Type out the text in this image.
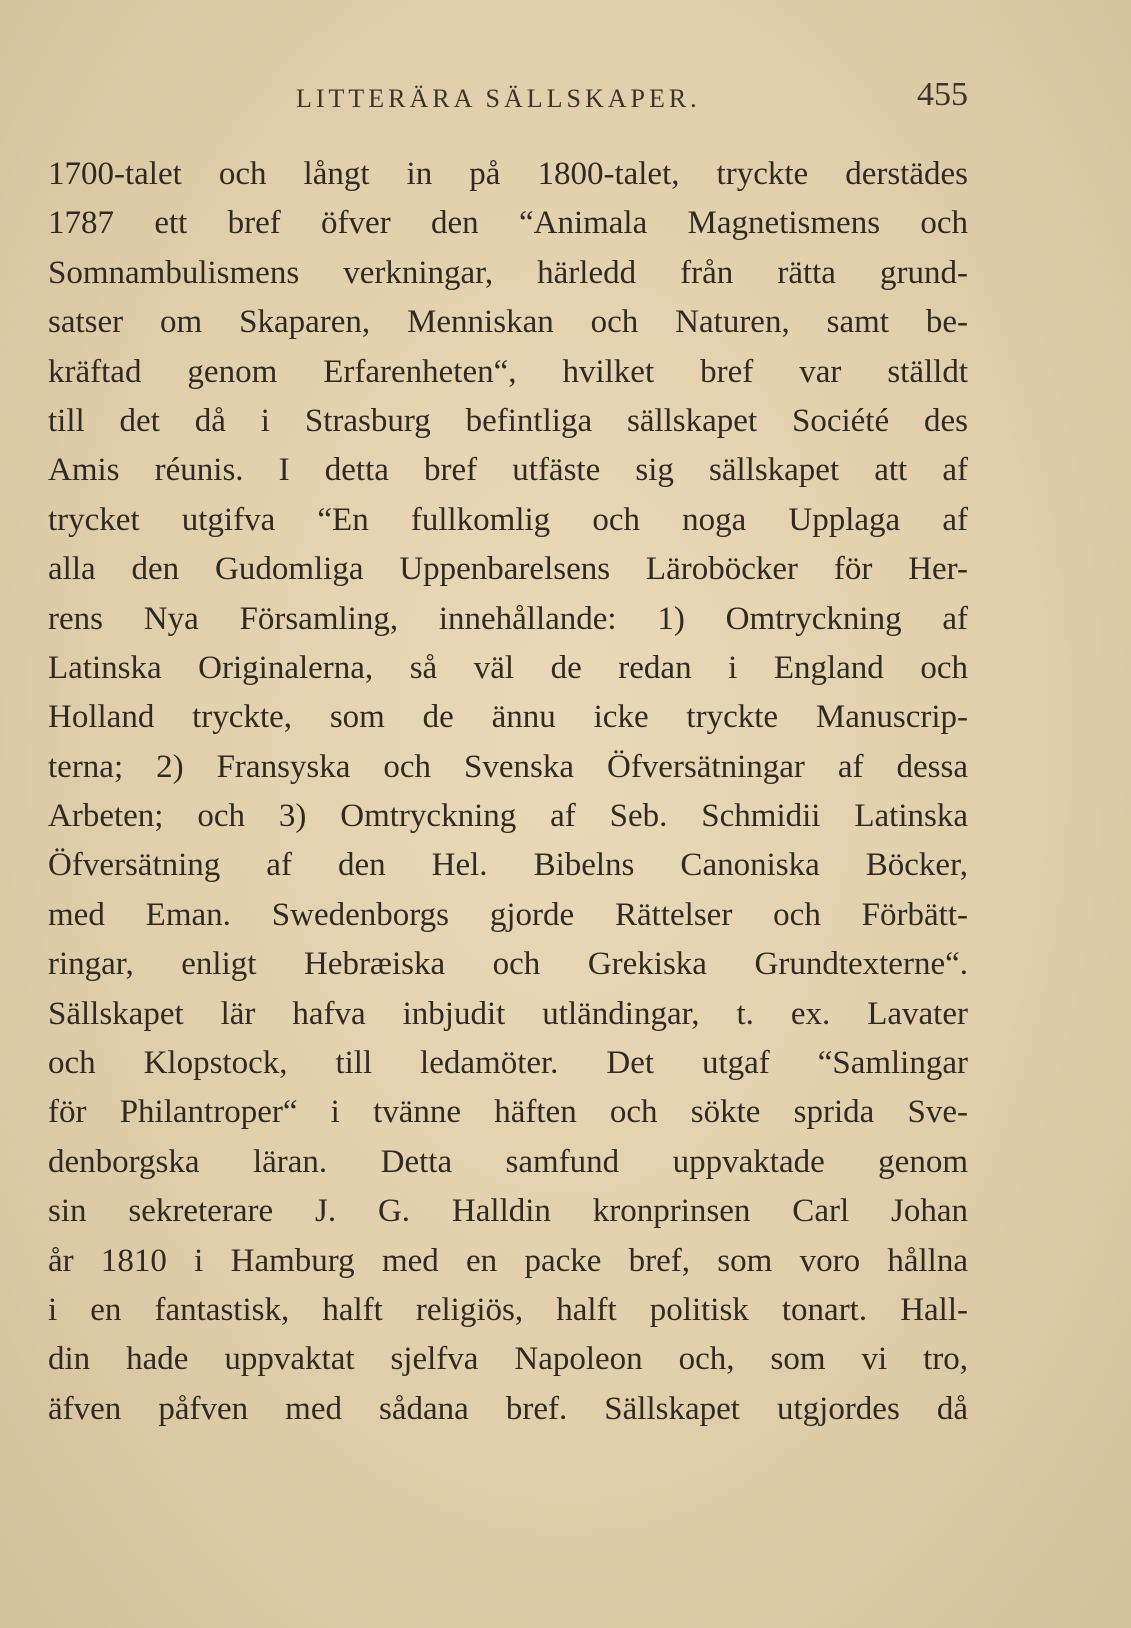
LITTERÄRA SÄLLSKAPER.	455
1700-talet och långt in på 1800-talet, tryckte derstädes
1787 ett bref öfver den “Animala Magnetismens och
Somnambulismens verkningar, härledd från rätta grund-
satser om Skaparen, Menniskan och Naturen, samt be-
kräftad genom Erfarenheten“, hvilket bref var ställdt
till det då i Strasburg befintliga sällskapet Société des
Amis réunis. I detta bref utfäste sig sällskapet att af
trycket utgifva “En fullkomlig och noga Upplaga af
alla den Gudomliga Uppenbarelsens Läroböcker för Her-
rens Nya Församling, innehållande: 1) Omtryckning af
Latinska Originalerna, så väl de redan i England och
Holland tryckte, som de ännu icke tryckte Manuscrip-
terna; 2) Fransyska och Svenska Öfversätningar af dessa
Arbeten; och 3) Omtryckning af Seb. Schmidii Latinska
Öfversätning af den Hel. Bibelns Canoniska Böcker,
med Eman. Swedenborgs gjorde Rättelser och Förbätt-
ringar, enligt Hebræiska och Grekiska Grundtexterne“.
Sällskapet lär hafva inbjudit utländingar, t. ex. Lavater
och Klopstock, till ledamöter. Det utgaf “Samlingar
för Philantroper“ i tvänne häften och sökte sprida Sve-
denborgska läran. Detta samfund uppvaktade genom
sin sekreterare J. G. Halldin kronprinsen Carl Johan
år 1810 i Hamburg med en packe bref, som voro hållna
i en fantastisk, halft religiös, halft politisk tonart. Hall-
din hade uppvaktat sjelfva Napoleon och, som vi tro,
äfven påfven med sådana bref. Sällskapet utgjordes då
